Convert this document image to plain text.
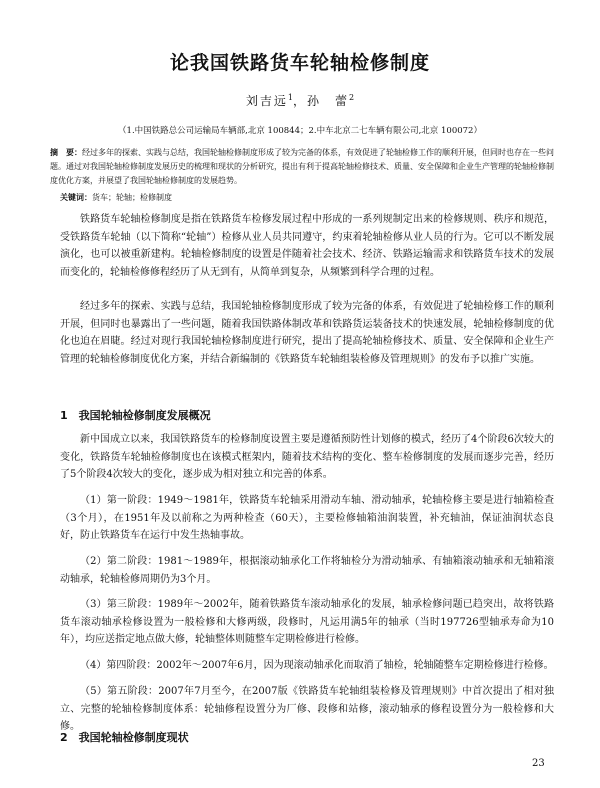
论我国铁路货车轮轴检修制度
刘吉远$^1$，孙　蕾$^2$
（1.中国铁路总公司运输局车辆部,北京 100844；2.中车北京二七车辆有限公司,北京 100072）

摘　要：经过多年的探索、实践与总结，我国轮轴检修制度形成了较为完备的体系，有效促进了轮轴检修工作的顺利开展，但同时也存在一些问题。通过对我国轮轴检修制度发展历史的梳理和现状的分析研究，提出有利于提高轮轴检修技术、质量、安全保障和企业生产管理的轮轴检修制度优化方案，并展望了我国轮轴检修制度的发展趋势。

关键词：货车；轮轴；检修制度

铁路货车轮轴检修制度是指在铁路货车检修发展过程中形成的一系列规制定出来的检修规则、秩序和规范，受铁路货车轮轴（以下简称“轮轴”）检修从业人员共同遵守，约束着轮轴检修从业人员的行为。它可以不断发展演化，也可以被重新建构。轮轴检修制度的设置是伴随着社会技术、经济、铁路运输需求和铁路货车技术的发展而变化的，轮轴检修修程经历了从无到有，从简单到复杂，从频繁到科学合理的过程。

经过多年的探索、实践与总结，我国轮轴检修制度形成了较为完备的体系，有效促进了轮轴检修工作的顺利开展，但同时也暴露出了一些问题，随着我国铁路体制改革和铁路货运装备技术的快速发展，轮轴检修制度的优化也迫在眉睫。经过对现行我国轮轴检修制度进行研究，提出了提高轮轴检修技术、质量、安全保障和企业生产管理的轮轴检修制度优化方案，并结合新编制的《铁路货车轮轴组装检修及管理规则》的发布予以推广实施。

1　我国轮轴检修制度发展概况

新中国成立以来，我国铁路货车的检修制度设置主要是遵循预防性计划修的模式，经历了4个阶段6次较大的变化，铁路货车轮轴检修制度也在该模式框架内，随着技术结构的变化、整车检修制度的发展而逐步完善，经历了5个阶段4次较大的变化，逐步成为相对独立和完善的体系。

（1）第一阶段：1949～1981年，铁路货车轮轴采用滑动车轴、滑动轴承，轮轴检修主要是进行轴箱检查（3个月），在1951年及以前称之为两种检查（60天），主要检修轴箱油润装置，补充轴油，保证油润状态良好，防止铁路货车在运行中发生热轴事故。

（2）第二阶段：1981～1989年，根据滚动轴承化工作将轴检分为滑动轴承、有轴箱滚动轴承和无轴箱滚动轴承，轮轴检修周期仍为3个月。

（3）第三阶段：1989年～2002年，随着铁路货车滚动轴承化的发展，轴承检修问题已趋突出，故将铁路货车滚动轴承检修设置为一般检修和大修两级，段修时，凡运用满5年的轴承（当时197726型轴承寿命为10年），均应送指定地点做大修，轮轴整体则随整车定期检修进行检修。

（4）第四阶段：2002年～2007年6月，因为现滚动轴承化而取消了轴检，轮轴随整车定期检修进行检修。

（5）第五阶段：2007年7月至今，在2007版《铁路货车轮轴组装检修及管理规则》中首次提出了相对独立、完整的轮轴检修制度体系：轮轴修程设置分为厂修、段修和站修，滚动轴承的修程设置分为一般检修和大修。

2　我国轮轴检修制度现状
23
